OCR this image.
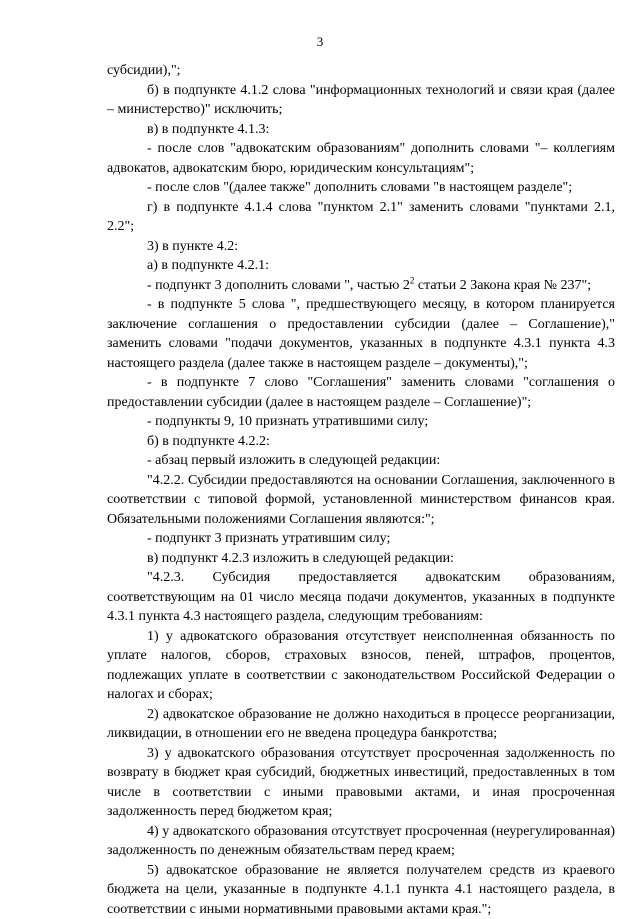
3

субсидии),";

б) в подпункте 4.1.2 слова "информационных технологий и связи края (далее – министерство)" исключить;

в) в подпункте 4.1.3:

- после слов "адвокатским образованиям" дополнить словами "– коллегиям адвокатов, адвокатским бюро, юридическим консультациям";

- после слов "(далее также" дополнить словами "в настоящем разделе";

г) в подпункте 4.1.4 слова "пунктом 2.1" заменить словами "пунктами 2.1, 2.2";

3) в пункте 4.2:

а) в подпункте 4.2.1:

- подпункт 3 дополнить словами ", частью $2^2$ статьи 2 Закона края № 237";

- в подпункте 5 слова ", предшествующего месяцу, в котором планируется заключение соглашения о предоставлении субсидии (далее – Соглашение)," заменить словами "подачи документов, указанных в подпункте 4.3.1 пункта 4.3 настоящего раздела (далее также в настоящем разделе – документы),";

- в подпункте 7 слово "Соглашения" заменить словами "соглашения о предоставлении субсидии (далее в настоящем разделе – Соглашение)";

- подпункты 9, 10 признать утратившими силу;

б) в подпункте 4.2.2:

- абзац первый изложить в следующей редакции:

"4.2.2. Субсидии предоставляются на основании Соглашения, заключенного в соответствии с типовой формой, установленной министерством финансов края. Обязательными положениями Соглашения являются:";

- подпункт 3 признать утратившим силу;

в) подпункт 4.2.3 изложить в следующей редакции:

"4.2.3. Субсидия предоставляется адвокатским образованиям, соответствующим на 01 число месяца подачи документов, указанных в подпункте 4.3.1 пункта 4.3 настоящего раздела, следующим требованиям:

1) у адвокатского образования отсутствует неисполненная обязанность по уплате налогов, сборов, страховых взносов, пеней, штрафов, процентов, подлежащих уплате в соответствии с законодательством Российской Федерации о налогах и сборах;

2) адвокатское образование не должно находиться в процессе реорганизации, ликвидации, в отношении его не введена процедура банкротства;

3) у адвокатского образования отсутствует просроченная задолженность по возврату в бюджет края субсидий, бюджетных инвестиций, предоставленных в том числе в соответствии с иными правовыми актами, и иная просроченная задолженность перед бюджетом края;

4) у адвокатского образования отсутствует просроченная (неурегулированная) задолженность по денежным обязательствам перед краем;

5) адвокатское образование не является получателем средств из краевого бюджета на цели, указанные в подпункте 4.1.1 пункта 4.1 настоящего раздела, в соответствии с иными нормативными правовыми актами края.";
